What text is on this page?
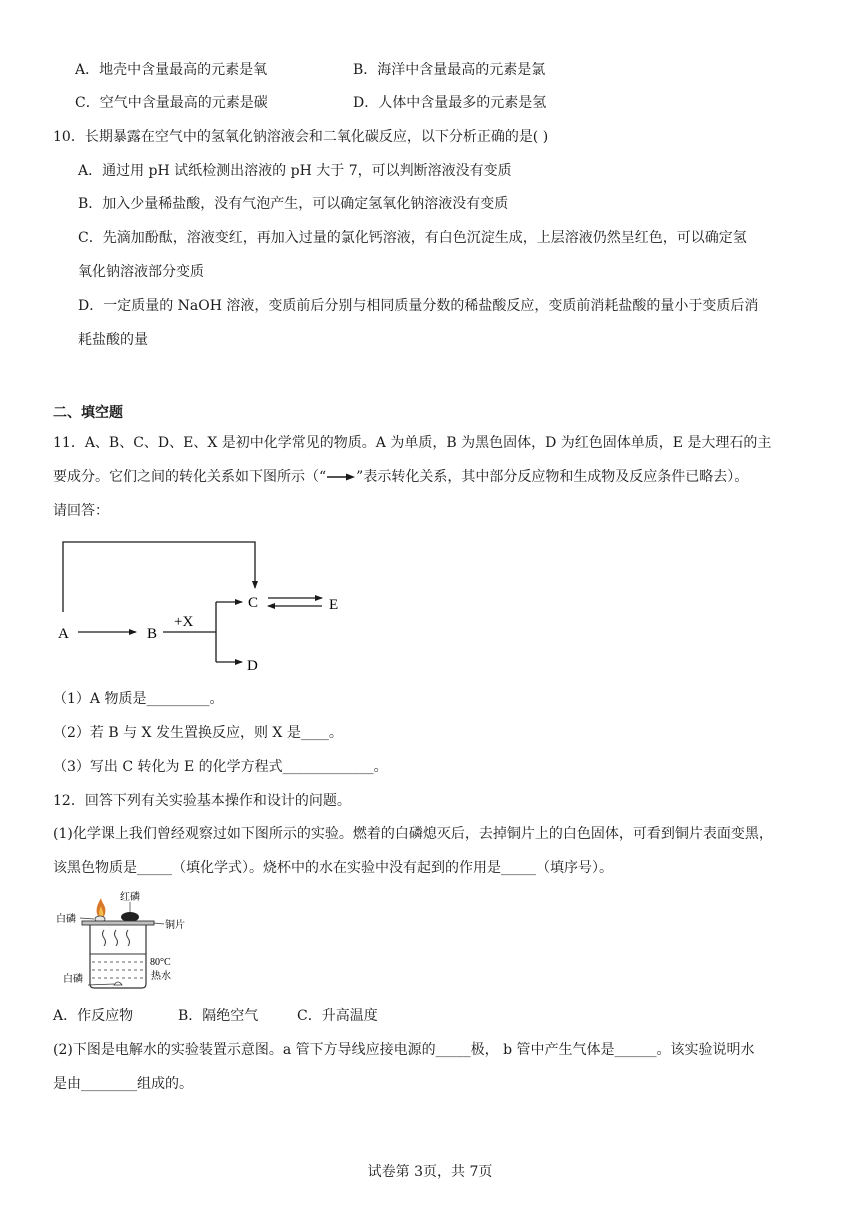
A．地壳中含量最高的元素是氧	B．海洋中含量最高的元素是氯
C．空气中含量最高的元素是碳	D．人体中含量最多的元素是氢
10．长期暴露在空气中的氢氧化钠溶液会和二氧化碳反应，以下分析正确的是( )
A．通过用 pH 试纸检测出溶液的 pH 大于 7，可以判断溶液没有变质
B．加入少量稀盐酸，没有气泡产生，可以确定氢氧化钠溶液没有变质
C．先滴加酚酞，溶液变红，再加入过量的氯化钙溶液，有白色沉淀生成，上层溶液仍然呈红色，可以确定氢
氧化钠溶液部分变质
D．一定质量的 NaOH 溶液，变质前后分别与相同质量分数的稀盐酸反应，变质前消耗盐酸的量小于变质后消
耗盐酸的量
二、填空题
11．A、B、C、D、E、X 是初中化学常见的物质。A 为单质，B 为黑色固体，D 为红色固体单质，E 是大理石的主
要成分。它们之间的转化关系如下图所示（“ ”表示转化关系，其中部分反应物和生成物及反应条件已略去）。
请回答：
A	B
+X
C	E
D
（1）A 物质是_________。
（2）若 B 与 X 发生置换反应，则 X 是____。
（3）写出 C 转化为 E 的化学方程式_____________。
12．回答下列有关实验基本操作和设计的问题。
(1)化学课上我们曾经观察过如下图所示的实验。燃着的白磷熄灭后，去掉铜片上的白色固体，可看到铜片表面变黑，
该黑色物质是_____（填化学式）。烧杯中的水在实验中没有起到的作用是_____（填序号）。
红磷
白磷
铜片
80°C
热水
白磷
A．作反应物	B．隔绝空气	C．升高温度
(2)下图是电解水的实验装置示意图。a 管下方导线应接电源的_____极， b 管中产生气体是______。该实验说明水
是由________组成的。
试卷第 3页，共 7页
